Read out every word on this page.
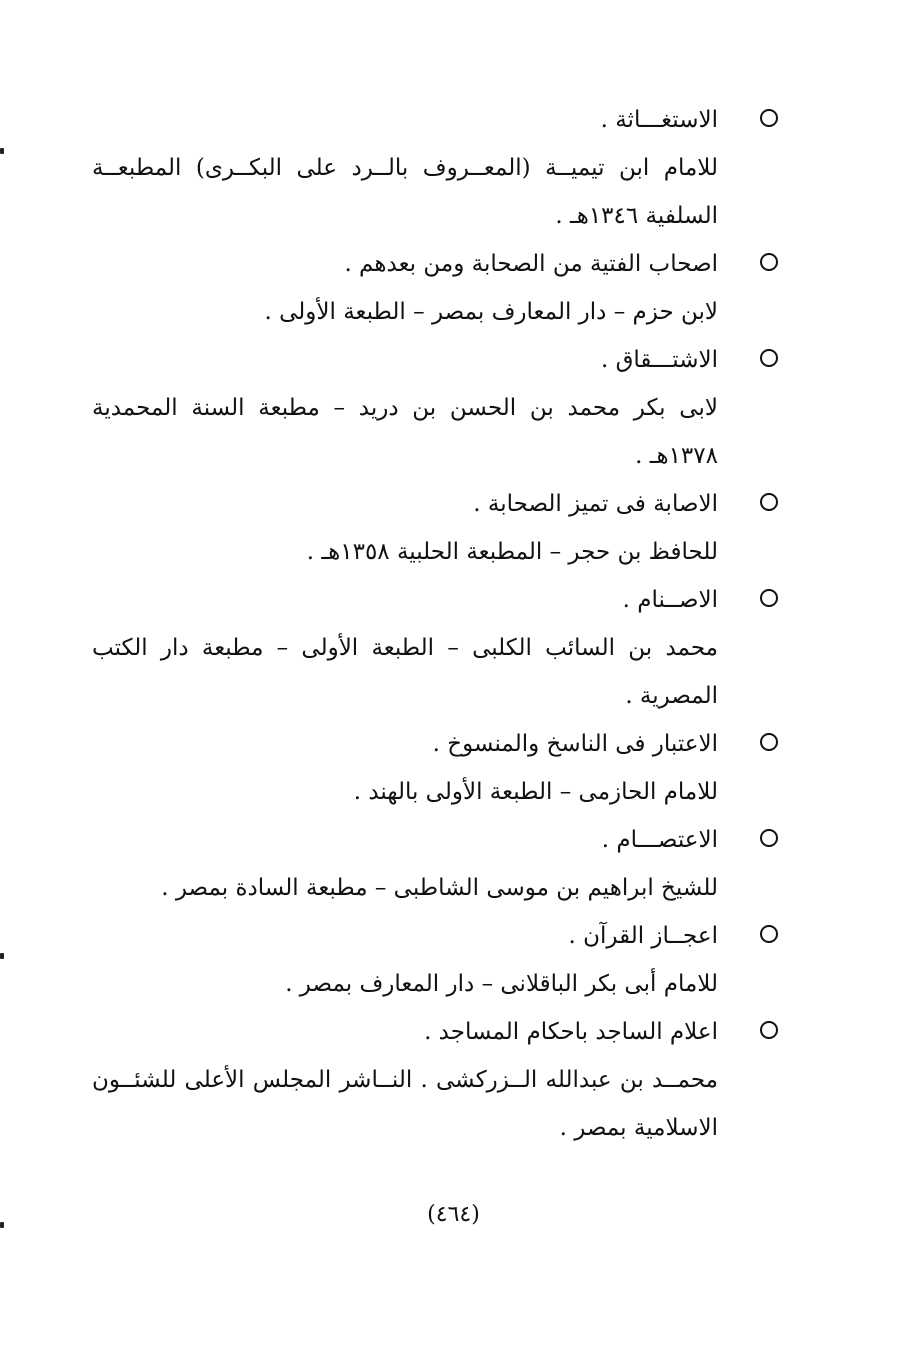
الاستغـــاثة .
للامام ابن تيميــة (المعــروف بالــرد على البكــرى) المطبعــة السلفية ١٣٤٦هـ .
اصحاب الفتية من الصحابة ومن بعدهم .
لابن حزم – دار المعارف بمصر – الطبعة الأولى .
الاشتـــقاق .
لابى بكر محمد بن الحسن بن دريد – مطبعة السنة المحمدية ١٣٧٨هـ .
الاصابة فى تميز الصحابة .
للحافظ بن حجر – المطبعة الحلبية ١٣٥٨هـ .
الاصــنام .
محمد بن السائب الكلبى – الطبعة الأولى – مطبعة دار الكتب المصرية .
الاعتبار فى الناسخ والمنسوخ .
للامام الحازمى – الطبعة الأولى بالهند .
الاعتصـــام .
للشيخ ابراهيم بن موسى الشاطبى – مطبعة السادة بمصر .
اعجــاز القرآن .
للامام أبى بكر الباقلانى – دار المعارف بمصر .
اعلام الساجد باحكام المساجد .
محمــد بن عبدالله الــزركشى . النــاشر المجلس الأعلى للشئــون الاسلامية بمصر .
(٤٦٤)
